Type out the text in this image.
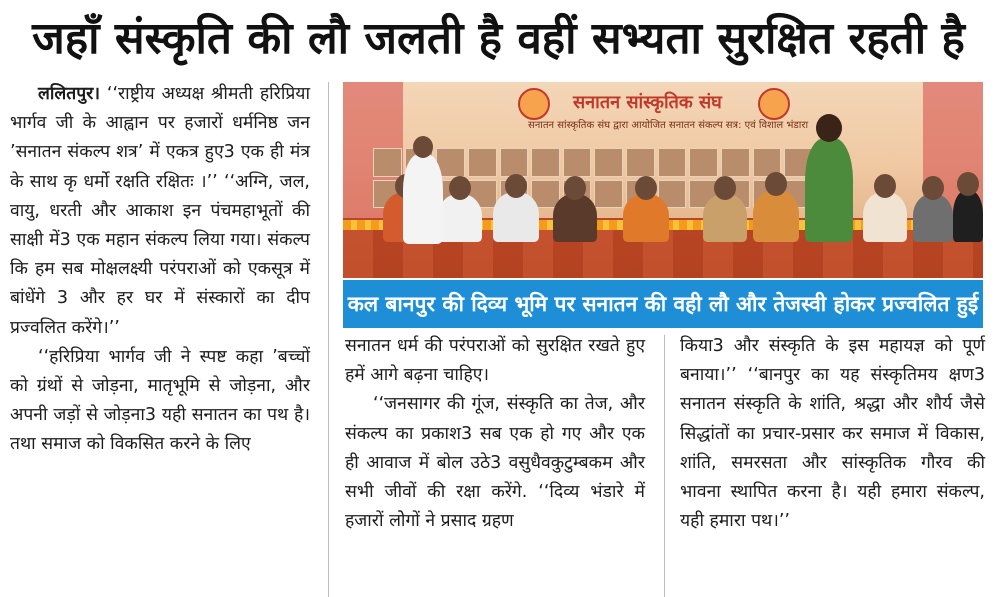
जहाँ संस्कृति की लौ जलती है वहीं सभ्यता सुरक्षित रहती है

ललितपुर। ‘‘राष्ट्रीय अध्यक्ष श्रीमती हरिप्रिया भार्गव जी के आह्वान पर हजारों धर्मनिष्ठ जन ’सनातन संकल्प शत्र’ में एकत्र हुए3 एक ही मंत्र के साथ कृ धर्मो रक्षति रक्षितः ।’’ ‘‘अग्नि, जल, वायु, धरती और आकाश इन पंचमहाभूतों की साक्षी में3 एक महान संकल्प लिया गया। संकल्प कि हम सब मोक्षलक्ष्यी परंपराओं को एकसूत्र में बांधेंगे 3 और हर घर में संस्कारों का दीप प्रज्वलित करेंगे।’’

‘‘हरिप्रिया भार्गव जी ने स्पष्ट कहा ’बच्चों को ग्रंथों से जोड़ना, मातृभूमि से जोड़ना, और अपनी जड़ों से जोड़ना3 यही सनातन का पथ है। तथा समाज को विकसित करने के लिए

सनातन सांस्कृतिक संघ
सनातन सांस्कृतिक संघ द्वारा आयोजित सनातन संकल्प सत्र: एवं विशाल भंडारा
कल बानपुर की दिव्य भूमि पर सनातन की वही लौ और तेजस्वी होकर प्रज्वलित हुई

सनातन धर्म की परंपराओं को सुरक्षित रखते हुए हमें आगे बढ़ना चाहिए।

‘‘जनसागर की गूंज, संस्कृति का तेज, और संकल्प का प्रकाश3 सब एक हो गए और एक ही आवाज में बोल उठे3 वसुधैवकुटुम्बकम और सभी जीवों की रक्षा करेंगे. ‘‘दिव्य भंडारे में हजारों लोेगों ने प्रसाद ग्रहण

किया3 और संस्कृति के इस महायज्ञ को पूर्ण बनाया।’’ ‘‘बानपुर का यह संस्कृतिमय क्षण3 सनातन संस्कृति के शांति, श्रद्धा और शौर्य जैसे सिद्धांतों का प्रचार-प्रसार कर समाज में विकास, शांति, समरसता और सांस्कृतिक गौरव की भावना स्थापित करना है। यही हमारा संकल्प, यही हमारा पथ।’’
